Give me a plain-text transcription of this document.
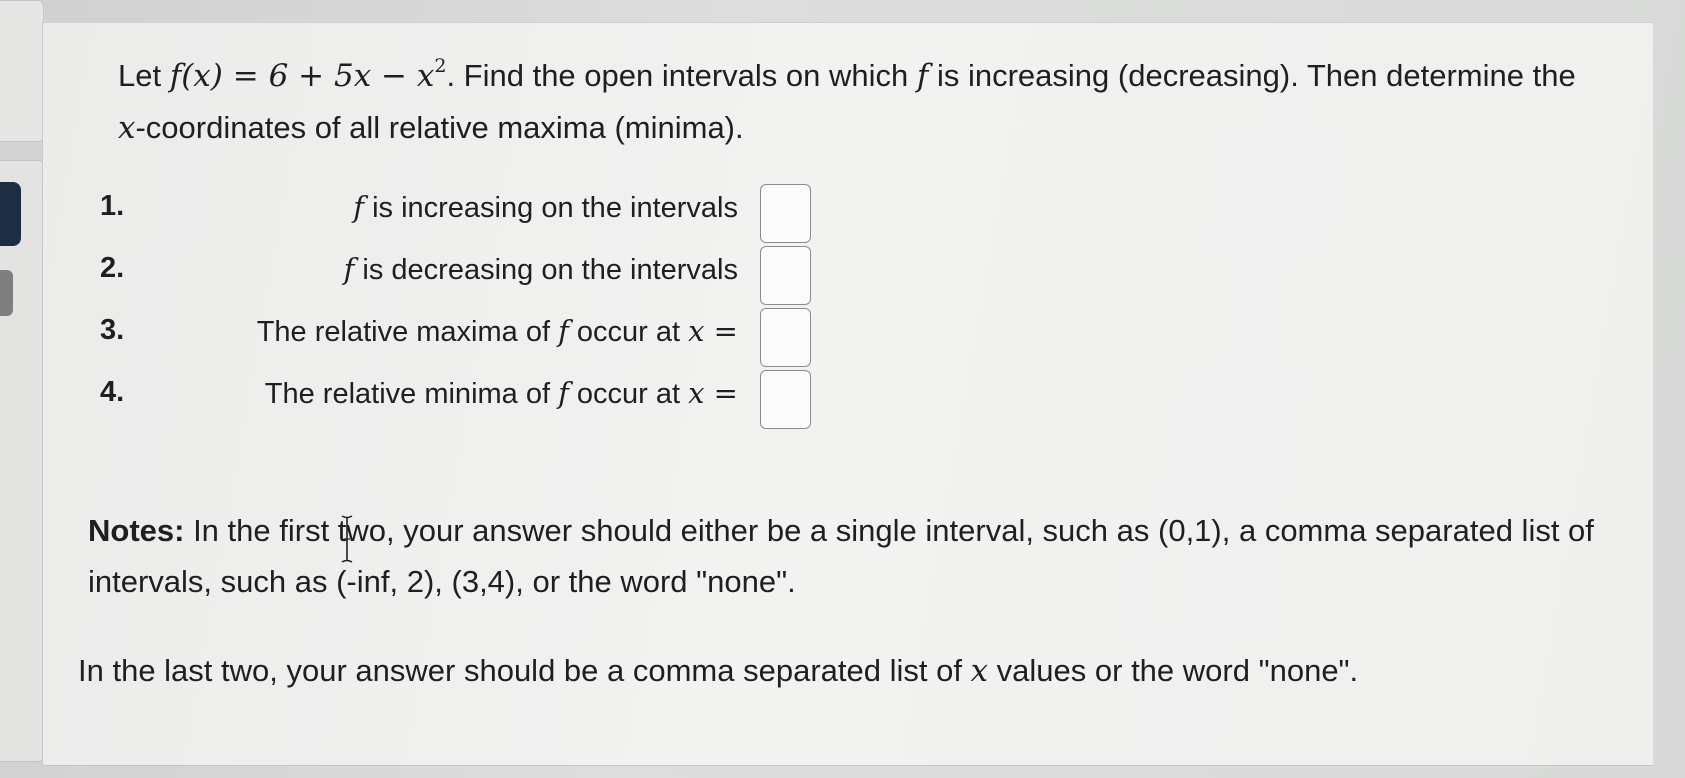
Let $f(x) = 6 + 5x - x^2$. Find the open intervals on which f is increasing (decreasing). Then determine the x-coordinates of all relative maxima (minima).
1.	f is increasing on the intervals
2.	f is decreasing on the intervals
3.	The relative maxima of f occur at x =
4.	The relative minima of f occur at x =
Notes: In the first two, your answer should either be a single interval, such as (0,1), a comma separated list of intervals, such as (-inf, 2), (3,4), or the word "none".
In the last two, your answer should be a comma separated list of x values or the word "none".
